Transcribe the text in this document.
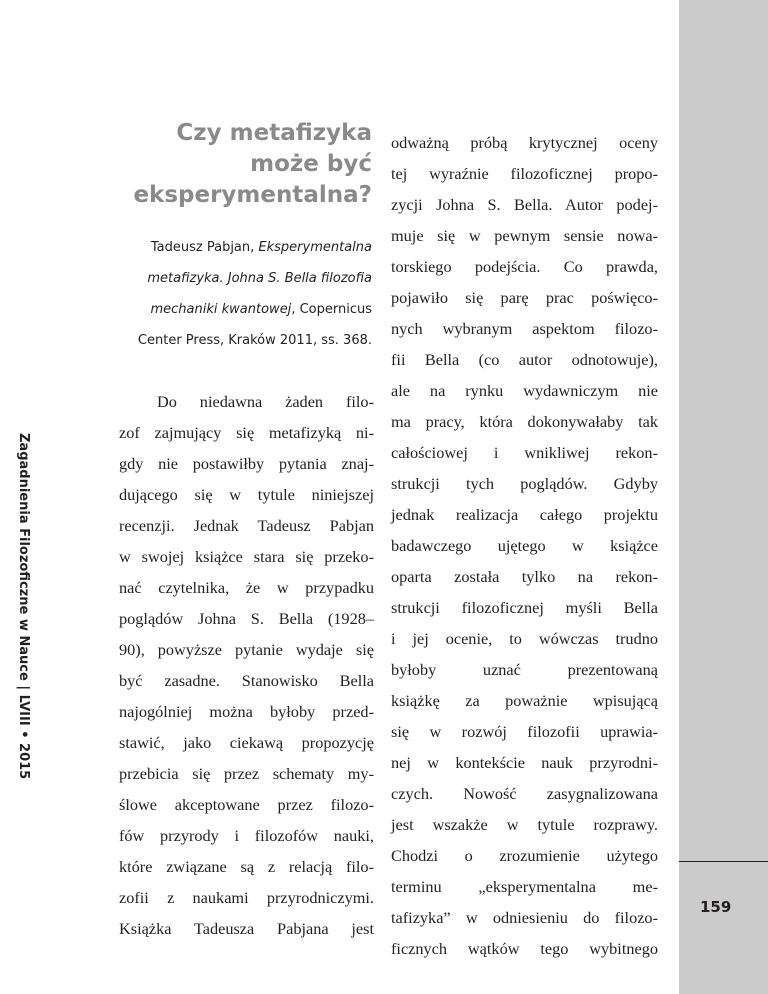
Czy metafizyka
może być
eksperymentalna?
Tadeusz Pabjan, Eksperymentalna
metafizyka. Johna S. Bella filozofia
mechaniki kwantowej, Copernicus
Center Press, Kraków 2011, ss. 368.
Do niedawna żaden filo-
zof zajmujący się metafizyką ni-
gdy nie postawiłby pytania znaj-
dującego się w tytule niniejszej
recenzji. Jednak Tadeusz Pabjan
w swojej książce stara się przeko-
nać czytelnika, że w przypadku
poglądów Johna S. Bella (1928–
90), powyższe pytanie wydaje się
być zasadne. Stanowisko Bella
najogólniej można byłoby przed-
stawić, jako ciekawą propozycję
przebicia się przez schematy my-
ślowe akceptowane przez filozo-
fów przyrody i filozofów nauki,
które związane są z relacją filo-
zofii z naukami przyrodniczymi.
Książka Tadeusza Pabjana jest
odważną próbą krytycznej oceny
tej wyraźnie filozoficznej propo-
zycji Johna S. Bella. Autor podej-
muje się w pewnym sensie nowa-
torskiego podejścia. Co prawda,
pojawiło się parę prac poświęco-
nych wybranym aspektom filozo-
fii Bella (co autor odnotowuje),
ale na rynku wydawniczym nie
ma pracy, która dokonywałaby tak
całościowej i wnikliwej rekon-
strukcji tych poglądów. Gdyby
jednak realizacja całego projektu
badawczego ujętego w książce
oparta została tylko na rekon-
strukcji filozoficznej myśli Bella
i jej ocenie, to wówczas trudno
byłoby uznać prezentowaną
książkę za poważnie wpisującą
się w rozwój filozofii uprawia-
nej w kontekście nauk przyrodni-
czych. Nowość zasygnalizowana
jest wszakże w tytule rozprawy.
Chodzi o zrozumienie użytego
terminu „eksperymentalna me-
tafizyka” w odniesieniu do filozo-
ficznych wątków tego wybitnego
Zagadnienia Filozoficzne w Nauce | LVIII • 2015
159
